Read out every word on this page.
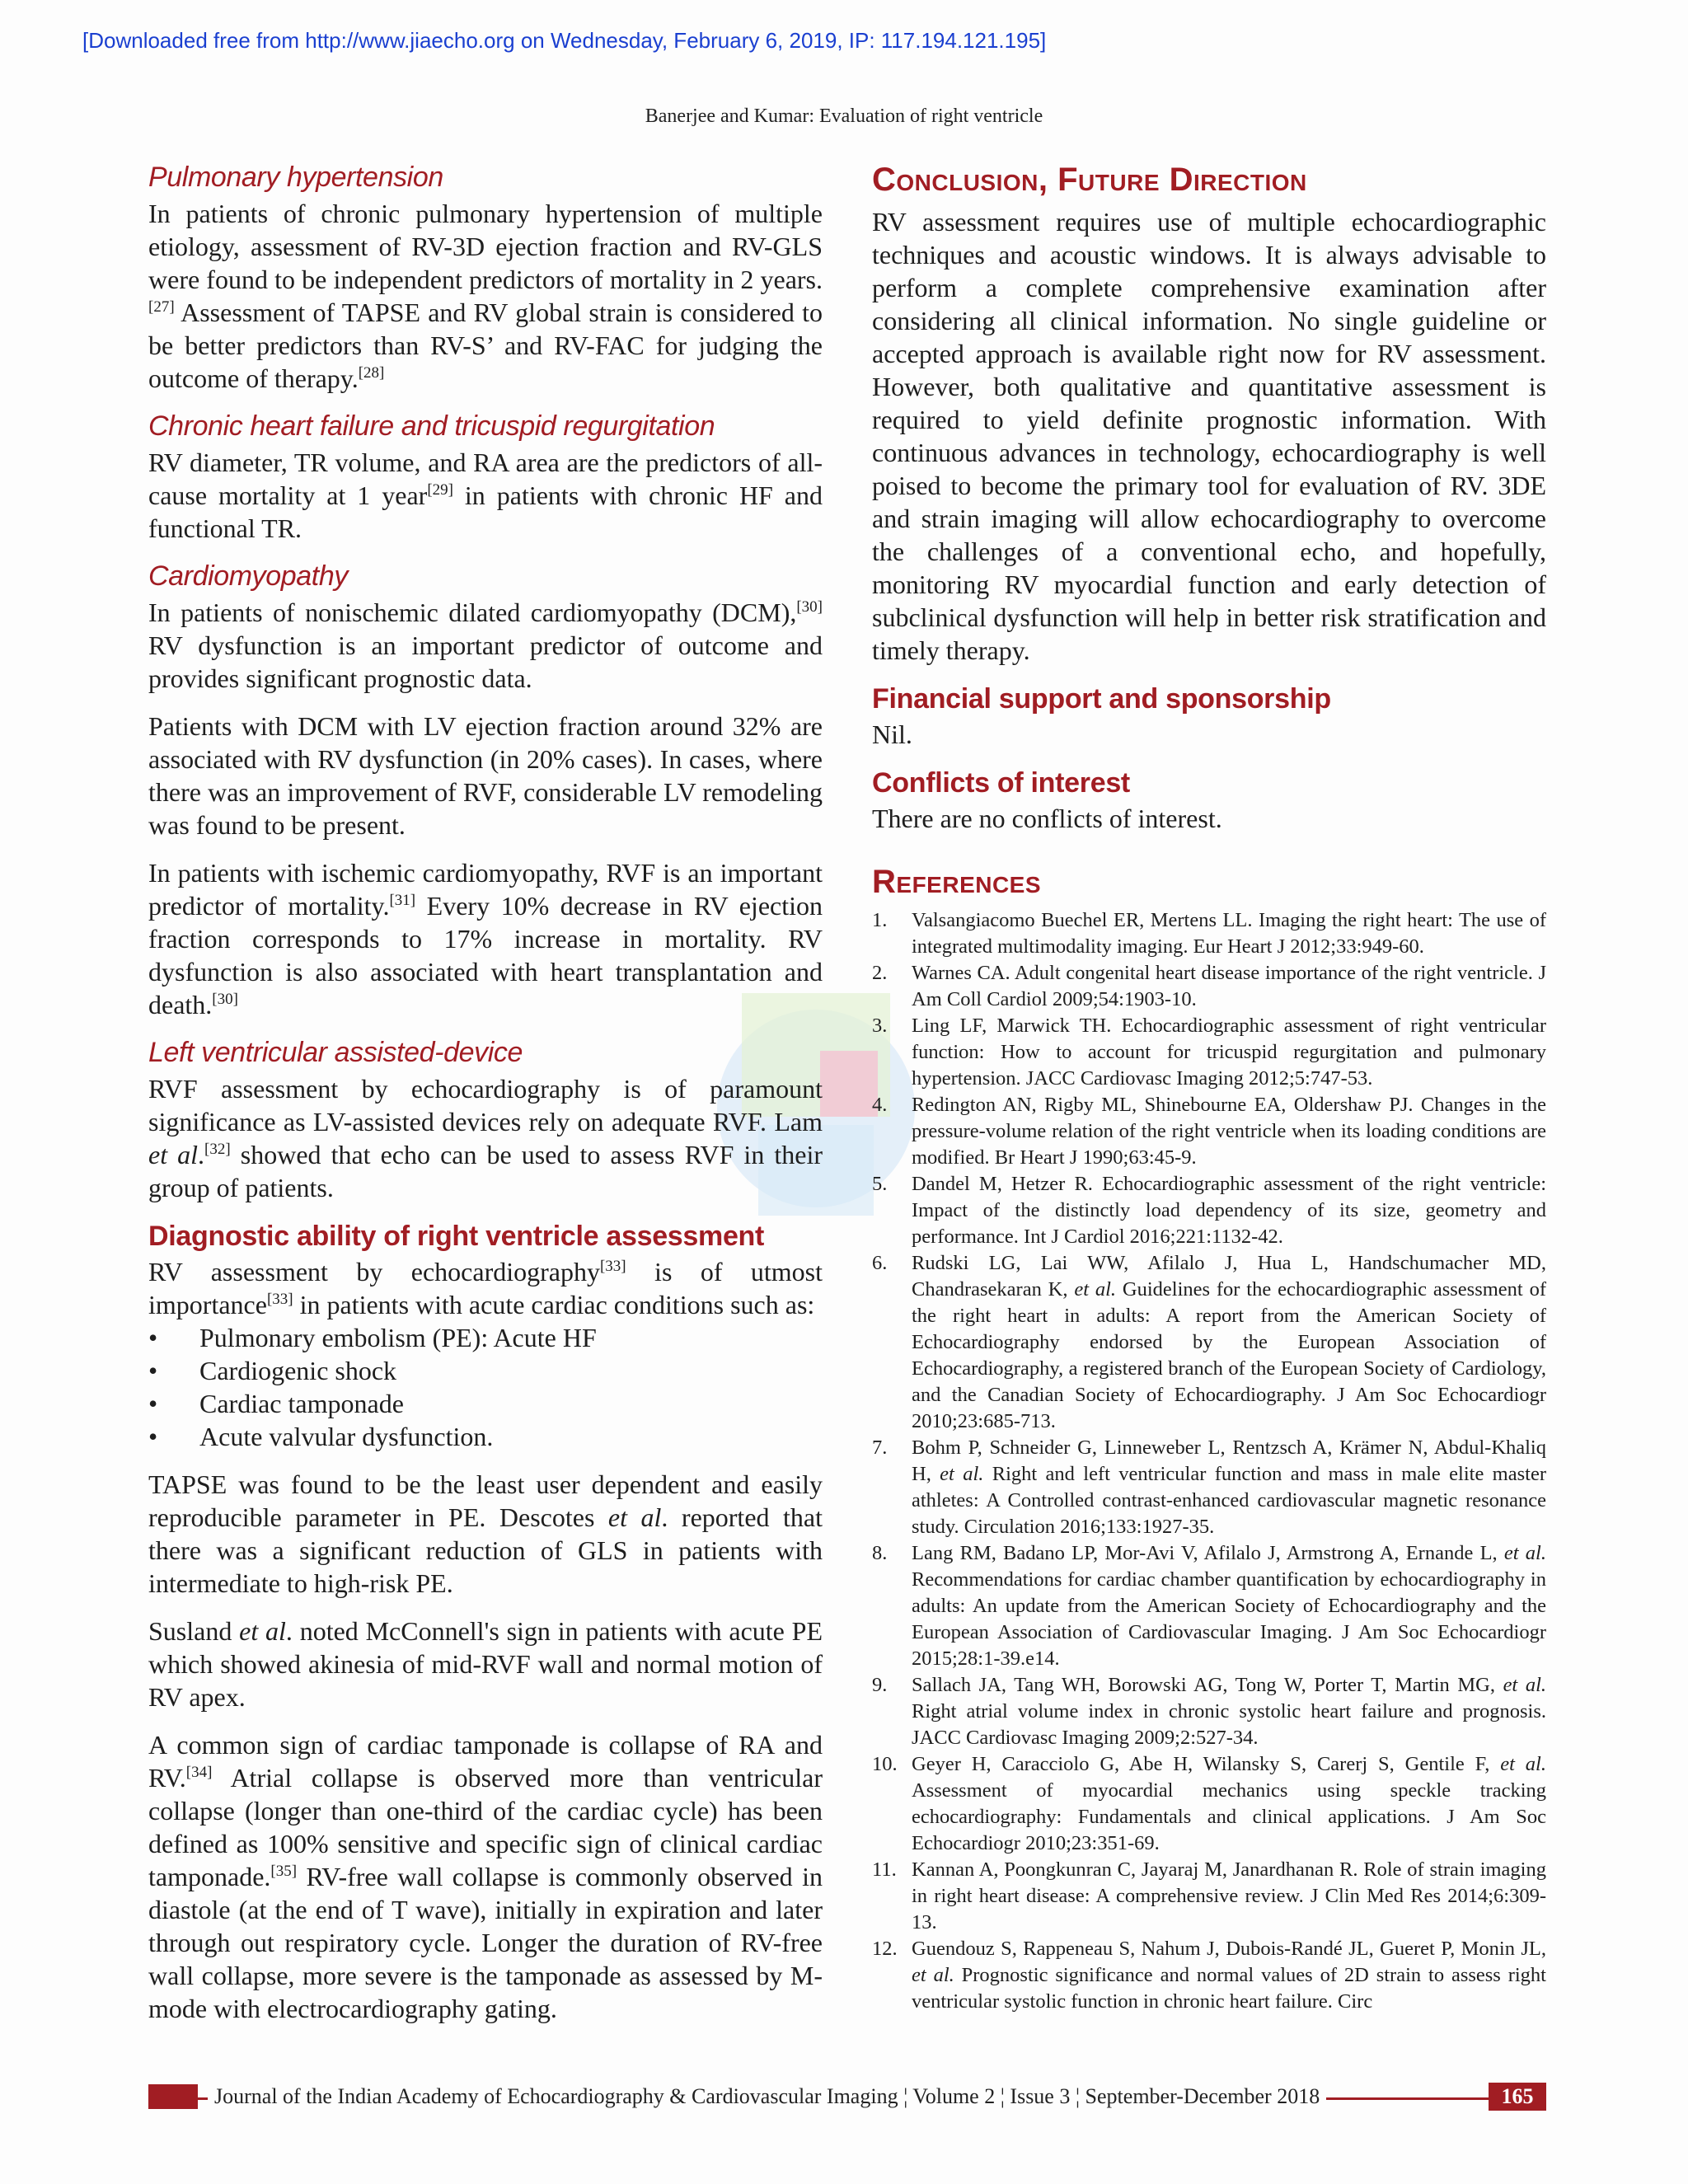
[Downloaded free from http://www.jiaecho.org on Wednesday, February 6, 2019, IP: 117.194.121.195]
Banerjee and Kumar: Evaluation of right ventricle
Pulmonary hypertension

In patients of chronic pulmonary hypertension of multiple etiology, assessment of RV-3D ejection fraction and RV-GLS were found to be independent predictors of mortality in 2 years.[27] Assessment of TAPSE and RV global strain is considered to be better predictors than RV-S’ and RV-FAC for judging the outcome of therapy.[28]

Chronic heart failure and tricuspid regurgitation

RV diameter, TR volume, and RA area are the predictors of all-cause mortality at 1 year[29] in patients with chronic HF and functional TR.

Cardiomyopathy

In patients of nonischemic dilated cardiomyopathy (DCM),[30] RV dysfunction is an important predictor of outcome and provides significant prognostic data.

Patients with DCM with LV ejection fraction around 32% are associated with RV dysfunction (in 20% cases). In cases, where there was an improvement of RVF, considerable LV remodeling was found to be present.

In patients with ischemic cardiomyopathy, RVF is an important predictor of mortality.[31] Every 10% decrease in RV ejection fraction corresponds to 17% increase in mortality. RV dysfunction is also associated with heart transplantation and death.[30]

Left ventricular assisted-device

RVF assessment by echocardiography is of paramount significance as LV-assisted devices rely on adequate RVF. Lam et al.[32] showed that echo can be used to assess RVF in their group of patients.

Diagnostic ability of right ventricle assessment

RV assessment by echocardiography[33] is of utmost importance[33] in patients with acute cardiac conditions such as:

• Pulmonary embolism (PE): Acute HF
• Cardiogenic shock
• Cardiac tamponade
• Acute valvular dysfunction.

TAPSE was found to be the least user dependent and easily reproducible parameter in PE. Descotes et al. reported that there was a significant reduction of GLS in patients with intermediate to high-risk PE.

Susland et al. noted McConnell's sign in patients with acute PE which showed akinesia of mid-RVF wall and normal motion of RV apex.

A common sign of cardiac tamponade is collapse of RA and RV.[34] Atrial collapse is observed more than ventricular collapse (longer than one-third of the cardiac cycle) has been defined as 100% sensitive and specific sign of clinical cardiac tamponade.[35] RV-free wall collapse is commonly observed in diastole (at the end of T wave), initially in expiration and later through out respiratory cycle. Longer the duration of RV-free wall collapse, more severe is the tamponade as assessed by M-mode with electrocardiography gating.

Conclusion, Future Direction

RV assessment requires use of multiple echocardiographic techniques and acoustic windows. It is always advisable to perform a complete comprehensive examination after considering all clinical information. No single guideline or accepted approach is available right now for RV assessment. However, both qualitative and quantitative assessment is required to yield definite prognostic information. With continuous advances in technology, echocardiography is well poised to become the primary tool for evaluation of RV. 3DE and strain imaging will allow echocardiography to overcome the challenges of a conventional echo, and hopefully, monitoring RV myocardial function and early detection of subclinical dysfunction will help in better risk stratification and timely therapy.

Financial support and sponsorship

Nil.

Conflicts of interest

There are no conflicts of interest.

References
1. Valsangiacomo Buechel ER, Mertens LL. Imaging the right heart: The use of integrated multimodality imaging. Eur Heart J 2012;33:949-60.
2. Warnes CA. Adult congenital heart disease importance of the right ventricle. J Am Coll Cardiol 2009;54:1903-10.
3. Ling LF, Marwick TH. Echocardiographic assessment of right ventricular function: How to account for tricuspid regurgitation and pulmonary hypertension. JACC Cardiovasc Imaging 2012;5:747-53.
4. Redington AN, Rigby ML, Shinebourne EA, Oldershaw PJ. Changes in the pressure-volume relation of the right ventricle when its loading conditions are modified. Br Heart J 1990;63:45-9.
5. Dandel M, Hetzer R. Echocardiographic assessment of the right ventricle: Impact of the distinctly load dependency of its size, geometry and performance. Int J Cardiol 2016;221:1132-42.
6. Rudski LG, Lai WW, Afilalo J, Hua L, Handschumacher MD, Chandrasekaran K, et al. Guidelines for the echocardiographic assessment of the right heart in adults: A report from the American Society of Echocardiography endorsed by the European Association of Echocardiography, a registered branch of the European Society of Cardiology, and the Canadian Society of Echocardiography. J Am Soc Echocardiogr 2010;23:685-713.
7. Bohm P, Schneider G, Linneweber L, Rentzsch A, Krämer N, Abdul-Khaliq H, et al. Right and left ventricular function and mass in male elite master athletes: A Controlled contrast-enhanced cardiovascular magnetic resonance study. Circulation 2016;133:1927-35.
8. Lang RM, Badano LP, Mor-Avi V, Afilalo J, Armstrong A, Ernande L, et al. Recommendations for cardiac chamber quantification by echocardiography in adults: An update from the American Society of Echocardiography and the European Association of Cardiovascular Imaging. J Am Soc Echocardiogr 2015;28:1-39.e14.
9. Sallach JA, Tang WH, Borowski AG, Tong W, Porter T, Martin MG, et al. Right atrial volume index in chronic systolic heart failure and prognosis. JACC Cardiovasc Imaging 2009;2:527-34.
10. Geyer H, Caracciolo G, Abe H, Wilansky S, Carerj S, Gentile F, et al. Assessment of myocardial mechanics using speckle tracking echocardiography: Fundamentals and clinical applications. J Am Soc Echocardiogr 2010;23:351-69.
11. Kannan A, Poongkunran C, Jayaraj M, Janardhanan R. Role of strain imaging in right heart disease: A comprehensive review. J Clin Med Res 2014;6:309-13.
12. Guendouz S, Rappeneau S, Nahum J, Dubois-Randé JL, Gueret P, Monin JL, et al. Prognostic significance and normal values of 2D strain to assess right ventricular systolic function in chronic heart failure. Circ
Journal of the Indian Academy of Echocardiography & Cardiovascular Imaging ¦ Volume 2 ¦ Issue 3 ¦ September-December 2018	165
